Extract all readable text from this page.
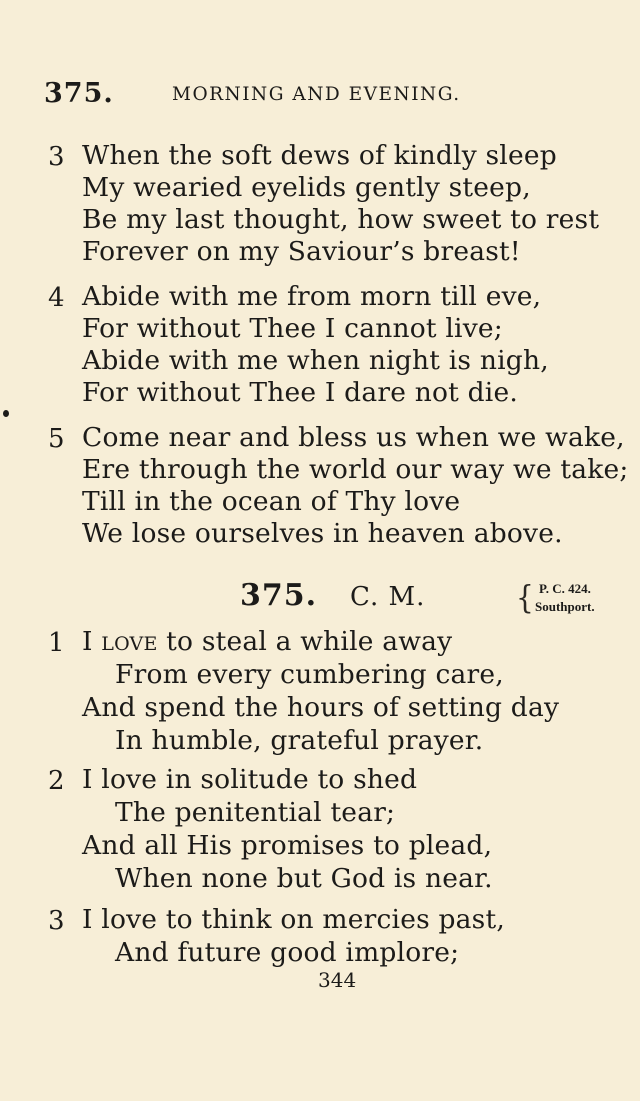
375.	MORNING AND EVENING.
3 When the soft dews of kindly sleep
My wearied eyelids gently steep,
Be my last thought, how sweet to rest
Forever on my Saviour’s breast!
4 Abide with me from morn till eve,
For without Thee I cannot live;
Abide with me when night is nigh,
For without Thee I dare not die.
5 Come near and bless us when we wake,
Ere through the world our way we take;
Till in the ocean of Thy love
We lose ourselves in heaven above.
375. C. M.	{ P. C. 424.
Southport.
1 I love to steal a while away
From every cumbering care,
And spend the hours of setting day
In humble, grateful prayer.
2 I love in solitude to shed
The penitential tear;
And all His promises to plead,
When none but God is near.
3 I love to think on mercies past,
And future good implore;
344
